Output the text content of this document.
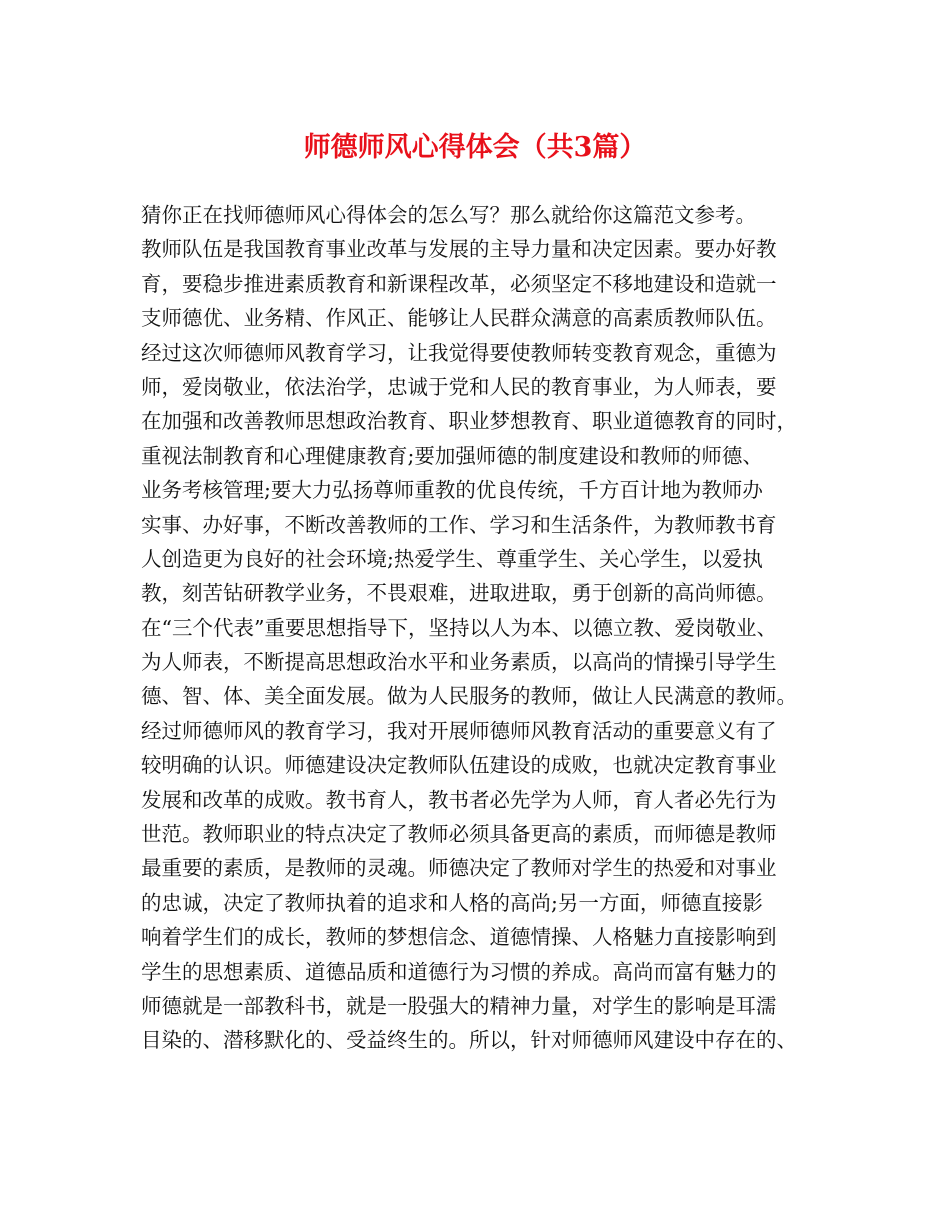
师德师风心得体会（共3篇）
猜你正在找师德师风心得体会的怎么写？那么就给你这篇范文参考。
教师队伍是我国教育事业改革与发展的主导力量和决定因素。要办好教
育，要稳步推进素质教育和新课程改革，必须坚定不移地建设和造就一
支师德优、业务精、作风正、能够让人民群众满意的高素质教师队伍。
经过这次师德师风教育学习，让我觉得要使教师转变教育观念，重德为
师，爱岗敬业，依法治学，忠诚于党和人民的教育事业，为人师表，要
在加强和改善教师思想政治教育、职业梦想教育、职业道德教育的同时，
重视法制教育和心理健康教育;要加强师德的制度建设和教师的师德、
业务考核管理;要大力弘扬尊师重教的优良传统，千方百计地为教师办
实事、办好事，不断改善教师的工作、学习和生活条件，为教师教书育
人创造更为良好的社会环境;热爱学生、尊重学生、关心学生，以爱执
教，刻苦钻研教学业务，不畏艰难，进取进取，勇于创新的高尚师德。
在“三个代表”重要思想指导下，坚持以人为本、以德立教、爱岗敬业、
为人师表，不断提高思想政治水平和业务素质，以高尚的情操引导学生
德、智、体、美全面发展。做为人民服务的教师，做让人民满意的教师。
经过师德师风的教育学习，我对开展师德师风教育活动的重要意义有了
较明确的认识。师德建设决定教师队伍建设的成败，也就决定教育事业
发展和改革的成败。教书育人，教书者必先学为人师，育人者必先行为
世范。教师职业的特点决定了教师必须具备更高的素质，而师德是教师
最重要的素质，是教师的灵魂。师德决定了教师对学生的热爱和对事业
的忠诚，决定了教师执着的追求和人格的高尚;另一方面，师德直接影
响着学生们的成长，教师的梦想信念、道德情操、人格魅力直接影响到
学生的思想素质、道德品质和道德行为习惯的养成。高尚而富有魅力的
师德就是一部教科书，就是一股强大的精神力量，对学生的影响是耳濡
目染的、潜移默化的、受益终生的。所以，针对师德师风建设中存在的、
